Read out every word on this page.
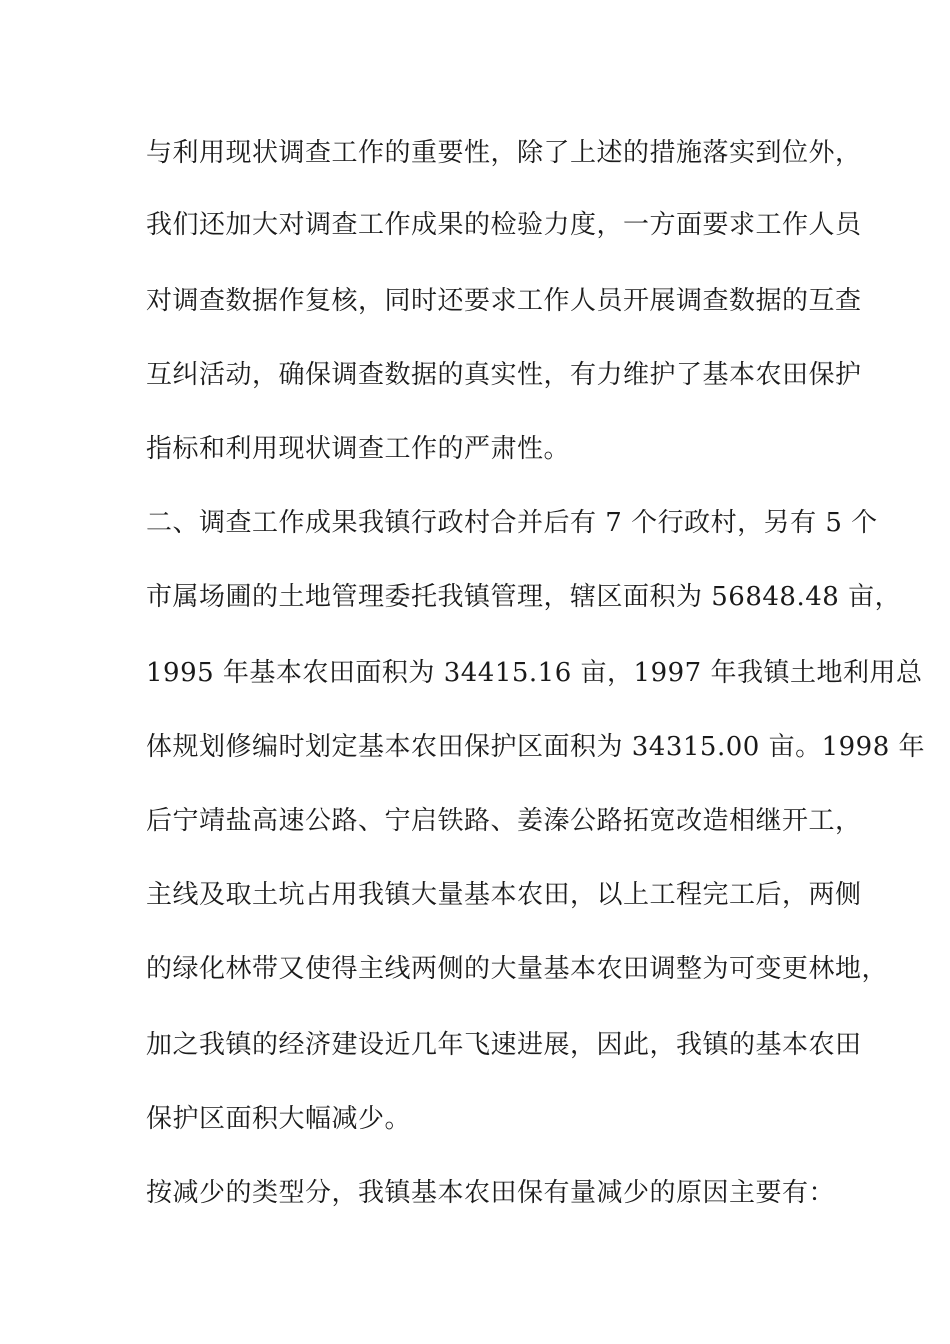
与利用现状调查工作的重要性，除了上述的措施落实到位外，
我们还加大对调查工作成果的检验力度，一方面要求工作人员
对调查数据作复核，同时还要求工作人员开展调查数据的互查
互纠活动，确保调查数据的真实性，有力维护了基本农田保护
指标和利用现状调查工作的严肃性。
二、调查工作成果我镇行政村合并后有 7 个行政村，另有 5 个
市属场圃的土地管理委托我镇管理，辖区面积为 56848.48 亩，
1995 年基本农田面积为 34415.16 亩，1997 年我镇土地利用总
体规划修编时划定基本农田保护区面积为 34315.00 亩。1998 年
后宁靖盐高速公路、宁启铁路、姜溱公路拓宽改造相继开工，
主线及取土坑占用我镇大量基本农田，以上工程完工后，两侧
的绿化林带又使得主线两侧的大量基本农田调整为可变更林地，
加之我镇的经济建设近几年飞速进展，因此，我镇的基本农田
保护区面积大幅减少。
按减少的类型分，我镇基本农田保有量减少的原因主要有：
